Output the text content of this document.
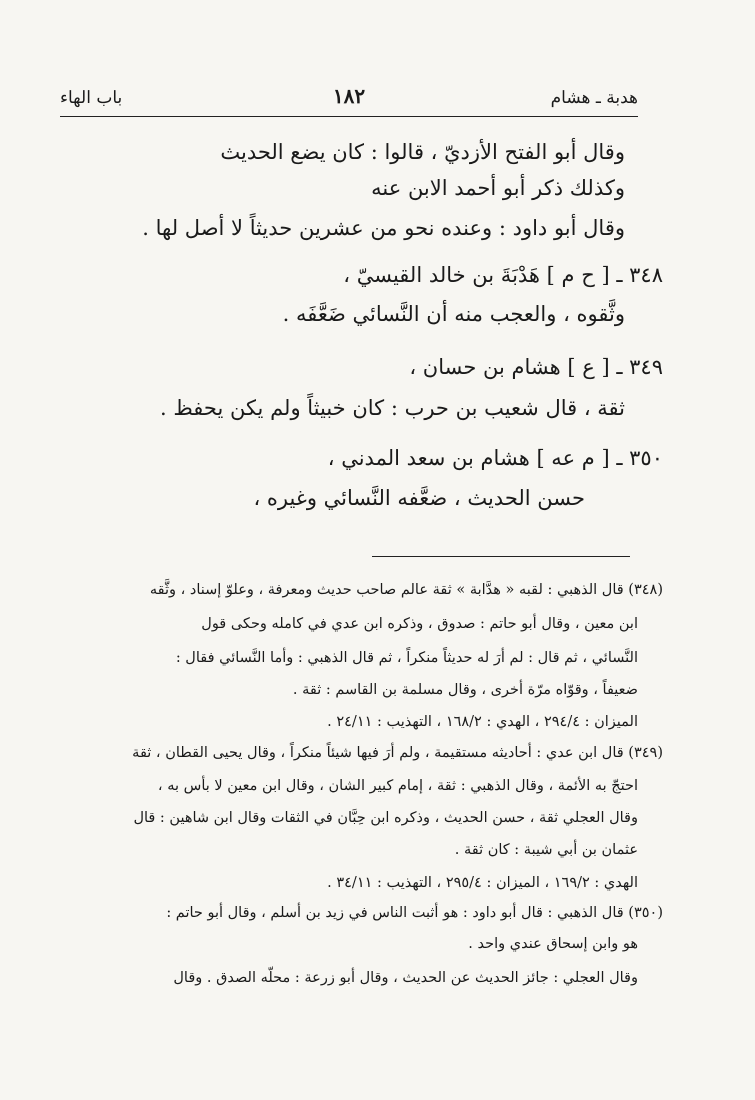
باب الهاء	١٨٢	هدبة ـ هشام
وقال أبو الفتح الأزديّ ، قالوا : كان يضع الحديث
وكذلك ذكر أبو أحمد الابن عنه
وقال أبو داود : وعنده نحو من عشرين حديثاً لا أصل لها .
٣٤٨ ـ [ ح م ] هَدْبَةَ بن خالد القيسيّ ،
وثَّقوه ، والعجب منه أن النَّسائي ضَعَّفَه .
٣٤٩ ـ [ ع ] هشام بن حسان ،
ثقة ، قال شعيب بن حرب : كان خبيثاً ولم يكن يحفظ .
٣٥٠ ـ [ م عه ] هشام بن سعد المدني ،
حسن الحديث ، ضعَّفه النَّسائي وغيره ،
(٣٤٨) قال الذهبي : لقبه « هدَّابة » ثقة عالم صاحب حديث ومعرفة ، وعلوّ إسناد ، وثَّقه
ابن معين ، وقال أبو حاتم : صدوق ، وذكره ابن عدي في كامله وحكى قول
النَّسائي ، ثم قال : لم أرَ له حديثاً منكراً ، ثم قال الذهبي : وأما النَّسائي فقال :
ضعيفاً ، وقوّاه مرّة أخرى ، وقال مسلمة بن القاسم : ثقة .
الميزان : ٢٩٤/٤ ، الهدي : ١٦٨/٢ ، التهذيب : ٢٤/١١ .
(٣٤٩) قال ابن عدي : أحاديثه مستقيمة ، ولم أرَ فيها شيئاً منكراً ، وقال يحيى القطان ، ثقة
احتجّ به الأئمة ، وقال الذهبي : ثقة ، إمام كبير الشان ، وقال ابن معين لا بأس به ،
وقال العجلي ثقة ، حسن الحديث ، وذكره ابن حِبَّان في الثقات وقال ابن شاهين : قال
عثمان بن أبي شيبة : كان ثقة .
الهدي : ١٦٩/٢ ، الميزان : ٢٩٥/٤ ، التهذيب : ٣٤/١١ .
(٣٥٠) قال الذهبي : قال أبو داود : هو أثبت الناس في زيد بن أسلم ، وقال أبو حاتم :
هو وابن إسحاق عندي واحد .
وقال العجلي : جائز الحديث عن الحديث ، وقال أبو زرعة : محلّه الصدق . وقال
